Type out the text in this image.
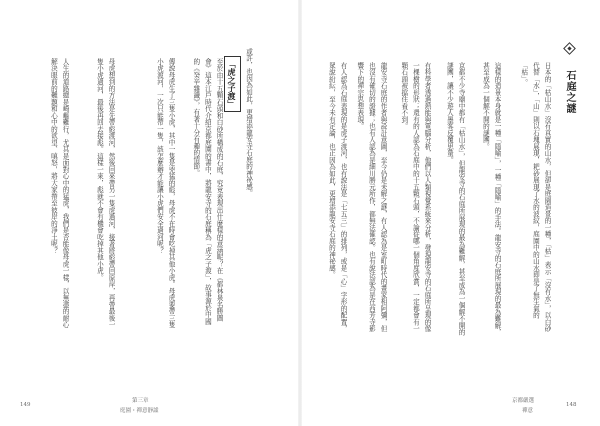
149
第三章
庭園・禪意靜謐
或許，也因為如此，更增添龍安寺石庭的神祕感。
「虎之子渡」
至於由十五顆石頭和白砂所構成的石庭，究竟表現出什麼樣的意涵呢？在《都林泉名勝圖會》這本江戶時代介紹京都庭園的書中，將龍安寺的石庭稱為「虎之子渡」，故事源於中國的《癸辛雜識》，有著十分有趣的情節。
傳說母虎生了三隻小虎，其中一隻是兇猛的彪，母虎不在時會吃掉其他小虎。母虎要帶三隻小虎渡河，一次只能帶一隻，該怎麼辦才能讓小虎們安全過河呢？
母虎想到的方法是先帶彪渡河，然後回來帶另一隻虎過河，接著將彪帶回原岸，再帶最後一隻小虎過河，最後再回去接彪。這樣一來，彪就不會有機會吃掉其他小虎。
人生的道路總是崎嶇難行，尤其是面對心中的猛虎，我們是否能像母虎一樣，以無盡的耐心解決眼前的難題和心中的欲望、嗔怒，將大家帶至彼岸的淨土呢？	石庭之謎
日本的「枯山水」沒有真實的山水，但卻是庭園造景的一種，「枯」表示「沒有水」，以白砂代替「水」，「山」則以石塊展現，耙砂展現了水的波紋，庭園中的山水即是了無生氣的「枯」。
這樣的造景本身就是一種「隱喻」，一種「隱喻」的手法。龍安寺的石庭所展現的最為難解，甚至成為一個解不開的謎團。
京都不少寺廟中都有「枯山水」，但龍安寺的石庭所展現的最為難解，甚至成為一個解不開的謎團，讓不少遊人墨客反覆思量。
有科學者透過熱能與電腦分析，他們以人類視覺系統來分析，發現龍安寺的石庭所呈現的像一棵樹的形狀；還有的人認為石庭中的十五顆石頭，不論從哪一個角度欣賞，一定都會有一顆石頭被擋住看不到。
龍安寺石庭的作者與設計意圖，至今仍是未解之謎，有人認為是室町時代的畫家相阿彌，但也沒有確切的證據；也有人認為是細川勝元所作，都無法確認。也有說法認為是在西芳寺影響下的禪宗思想表現。
有人認為石庭表現的是虎子渡河，也有說法是「七五三」的排列，或是「心」字形的配置，眾說紛紜，至今未有定論，也正因為如此，更增添龍安寺石庭的神祕感。
京都嚴選
禪意
148
